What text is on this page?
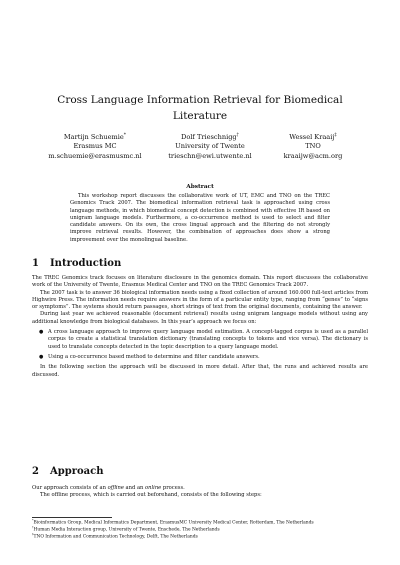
Cross Language Information Retrieval for Biomedical Literature
Martijn Schuemie*
Erasmus MC
m.schuemie@erasmusmc.nl
Dolf Trieschnigg†
University of Twente
trieschn@ewi.utwente.nl
Wessel Kraaij‡
TNO
kraaijw@acm.org
Abstract
This workshop report discusses the collaborative work of UT, EMC and TNO on the TREC Genomics Track 2007. The biomedical information retrieval task is approached using cross language methods, in which biomedical concept detection is combined with effective IR based on unigram language models. Furthermore, a co-occurrence method is used to select and filter candidate answers. On its own, the cross lingual approach and the filtering do not strongly improve retrieval results. However, the combination of approaches does show a strong improvement over the monolingual baseline.
1 Introduction

The TREC Genomics track focuses on literature disclosure in the genomics domain. This report discusses the collaborative work of the University of Twente, Erasmus Medical Center and TNO on the TREC Genomics Track 2007.

The 2007 task is to answer 36 biological information needs using a fixed collection of around 160.000 full-text articles from Highwire Press. The information needs require answers in the form of a particular entity type, ranging from “genes” to “signs or symptoms”. The systems should return passages, short strings of text from the original documents, containing the answer.

During last year we achieved reasonable (document retrieval) results using unigram language models without using any additional knowledge from biological databases. In this year’s approach we focus on:

● A cross language approach to improve query language model estimation. A concept-tagged corpus is used as a parallel corpus to create a statistical translation dictionary (translating concepts to tokens and vice versa). The dictionary is used to translate concepts detected in the topic description to a query language model.
● Using a co-occurrence based method to determine and filter candidate answers.

In the following section the approach will be discussed in more detail. After that, the runs and achieved results are discussed.

2 Approach

Our approach consists of an offline and an online process.

The offline process, which is carried out beforehand, consists of the following steps:

*Bioinformatics Group, Medical Informatics Department, ErasmusMC University Medical Center, Rotterdam, The Netherlands
†Human Media Interaction group, University of Twente, Enschede, The Netherlands
‡TNO Information and Communication Technology, Delft, The Netherlands
